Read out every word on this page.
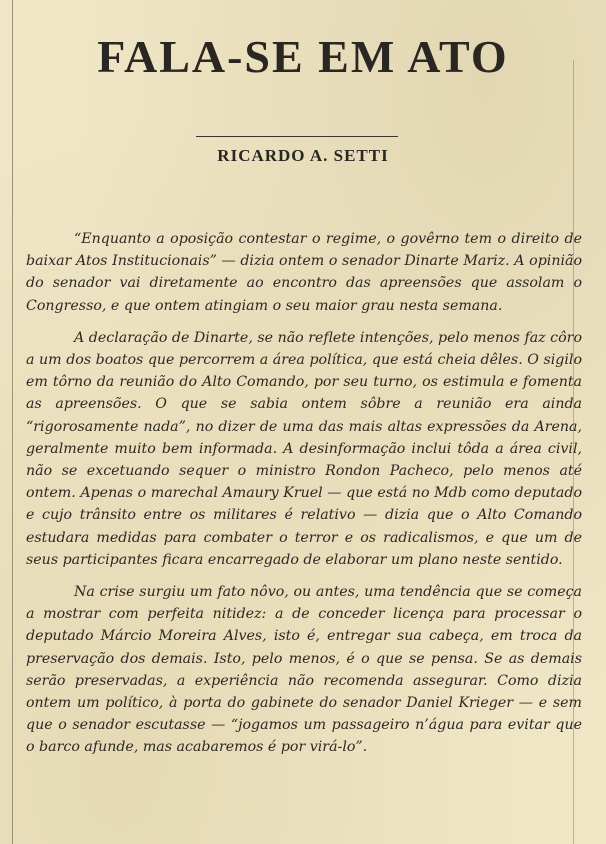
FALA-SE EM ATO
RICARDO A. SETTI

“Enquanto a oposição contestar o regime, o govêrno tem o direito de baixar Atos Institucionais” — dizia ontem o senador Dinarte Mariz. A opinião do senador vai diretamente ao encontro das apreensões que assolam o Congresso, e que ontem atingiam o seu maior grau nesta semana.

A declaração de Dinarte, se não reflete intenções, pelo menos faz côro a um dos boatos que percorrem a área política, que está cheia dêles. O sigilo em tôrno da reunião do Alto Comando, por seu turno, os estimula e fomenta as apreensões. O que se sabia ontem sôbre a reunião era ainda “rigorosamente nada”, no dizer de uma das mais altas expressões da Arena, geralmente muito bem informada. A desinformação inclui tôda a área civil, não se excetuando sequer o ministro Rondon Pacheco, pelo menos até ontem. Apenas o marechal Amaury Kruel — que está no Mdb como deputado e cujo trânsito entre os militares é relativo — dizia que o Alto Comando estudara medidas para combater o terror e os radicalismos, e que um de seus participantes ficara encarregado de elaborar um plano neste sentido.

Na crise surgiu um fato nôvo, ou antes, uma tendência que se começa a mostrar com perfeita nitidez: a de conceder licença para processar o deputado Márcio Moreira Alves, isto é, entregar sua cabeça, em troca da preservação dos demais. Isto, pelo menos, é o que se pensa. Se as demais serão preservadas, a experiência não recomenda assegurar. Como dizia ontem um político, à porta do gabinete do senador Daniel Krieger — e sem que o senador escutasse — “jogamos um passageiro n’água para evitar que o barco afunde, mas acabaremos é por virá-lo”.
